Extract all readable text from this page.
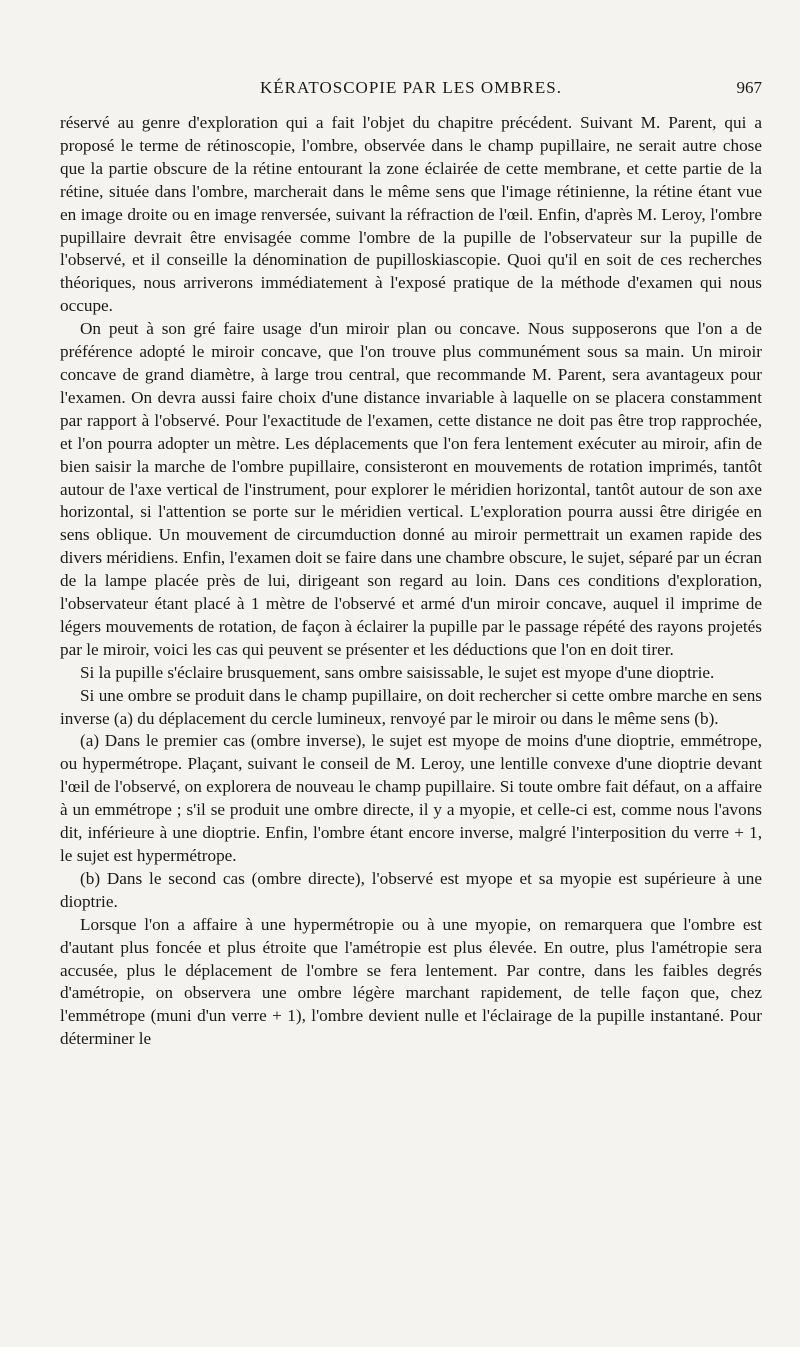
KÉRATOSCOPIE PAR LES OMBRES.	967

réservé au genre d'exploration qui a fait l'objet du chapitre précédent. Suivant M. Parent, qui a proposé le terme de rétinoscopie, l'ombre, observée dans le champ pupillaire, ne serait autre chose que la partie obscure de la rétine entourant la zone éclairée de cette membrane, et cette partie de la rétine, située dans l'ombre, marcherait dans le même sens que l'image rétinienne, la rétine étant vue en image droite ou en image renversée, suivant la réfraction de l'œil. Enfin, d'après M. Leroy, l'ombre pupillaire devrait être envisagée comme l'ombre de la pupille de l'observateur sur la pupille de l'observé, et il conseille la dénomination de pupilloskiascopie. Quoi qu'il en soit de ces recherches théoriques, nous arriverons immédiatement à l'exposé pratique de la méthode d'examen qui nous occupe.

On peut à son gré faire usage d'un miroir plan ou concave. Nous supposerons que l'on a de préférence adopté le miroir concave, que l'on trouve plus communément sous sa main. Un miroir concave de grand diamètre, à large trou central, que recommande M. Parent, sera avantageux pour l'examen. On devra aussi faire choix d'une distance invariable à laquelle on se placera constamment par rapport à l'observé. Pour l'exactitude de l'examen, cette distance ne doit pas être trop rapprochée, et l'on pourra adopter un mètre. Les déplacements que l'on fera lentement exécuter au miroir, afin de bien saisir la marche de l'ombre pupillaire, consisteront en mouvements de rotation imprimés, tantôt autour de l'axe vertical de l'instrument, pour explorer le méridien horizontal, tantôt autour de son axe horizontal, si l'attention se porte sur le méridien vertical. L'exploration pourra aussi être dirigée en sens oblique. Un mouvement de circumduction donné au miroir permettrait un examen rapide des divers méridiens. Enfin, l'examen doit se faire dans une chambre obscure, le sujet, séparé par un écran de la lampe placée près de lui, dirigeant son regard au loin. Dans ces conditions d'exploration, l'observateur étant placé à 1 mètre de l'observé et armé d'un miroir concave, auquel il imprime de légers mouvements de rotation, de façon à éclairer la pupille par le passage répété des rayons projetés par le miroir, voici les cas qui peuvent se présenter et les déductions que l'on en doit tirer.

Si la pupille s'éclaire brusquement, sans ombre saisissable, le sujet est myope d'une dioptrie.

Si une ombre se produit dans le champ pupillaire, on doit rechercher si cette ombre marche en sens inverse (a) du déplacement du cercle lumineux, renvoyé par le miroir ou dans le même sens (b).

(a) Dans le premier cas (ombre inverse), le sujet est myope de moins d'une dioptrie, emmétrope, ou hypermétrope. Plaçant, suivant le conseil de M. Leroy, une lentille convexe d'une dioptrie devant l'œil de l'observé, on explorera de nouveau le champ pupillaire. Si toute ombre fait défaut, on a affaire à un emmétrope ; s'il se produit une ombre directe, il y a myopie, et celle-ci est, comme nous l'avons dit, inférieure à une dioptrie. Enfin, l'ombre étant encore inverse, malgré l'interposition du verre + 1, le sujet est hypermétrope.

(b) Dans le second cas (ombre directe), l'observé est myope et sa myopie est supérieure à une dioptrie.

Lorsque l'on a affaire à une hypermétropie ou à une myopie, on remarquera que l'ombre est d'autant plus foncée et plus étroite que l'amétropie est plus élevée. En outre, plus l'amétropie sera accusée, plus le déplacement de l'ombre se fera lentement. Par contre, dans les faibles degrés d'amétropie, on observera une ombre légère marchant rapidement, de telle façon que, chez l'emmétrope (muni d'un verre + 1), l'ombre devient nulle et l'éclairage de la pupille instantané. Pour déterminer le
